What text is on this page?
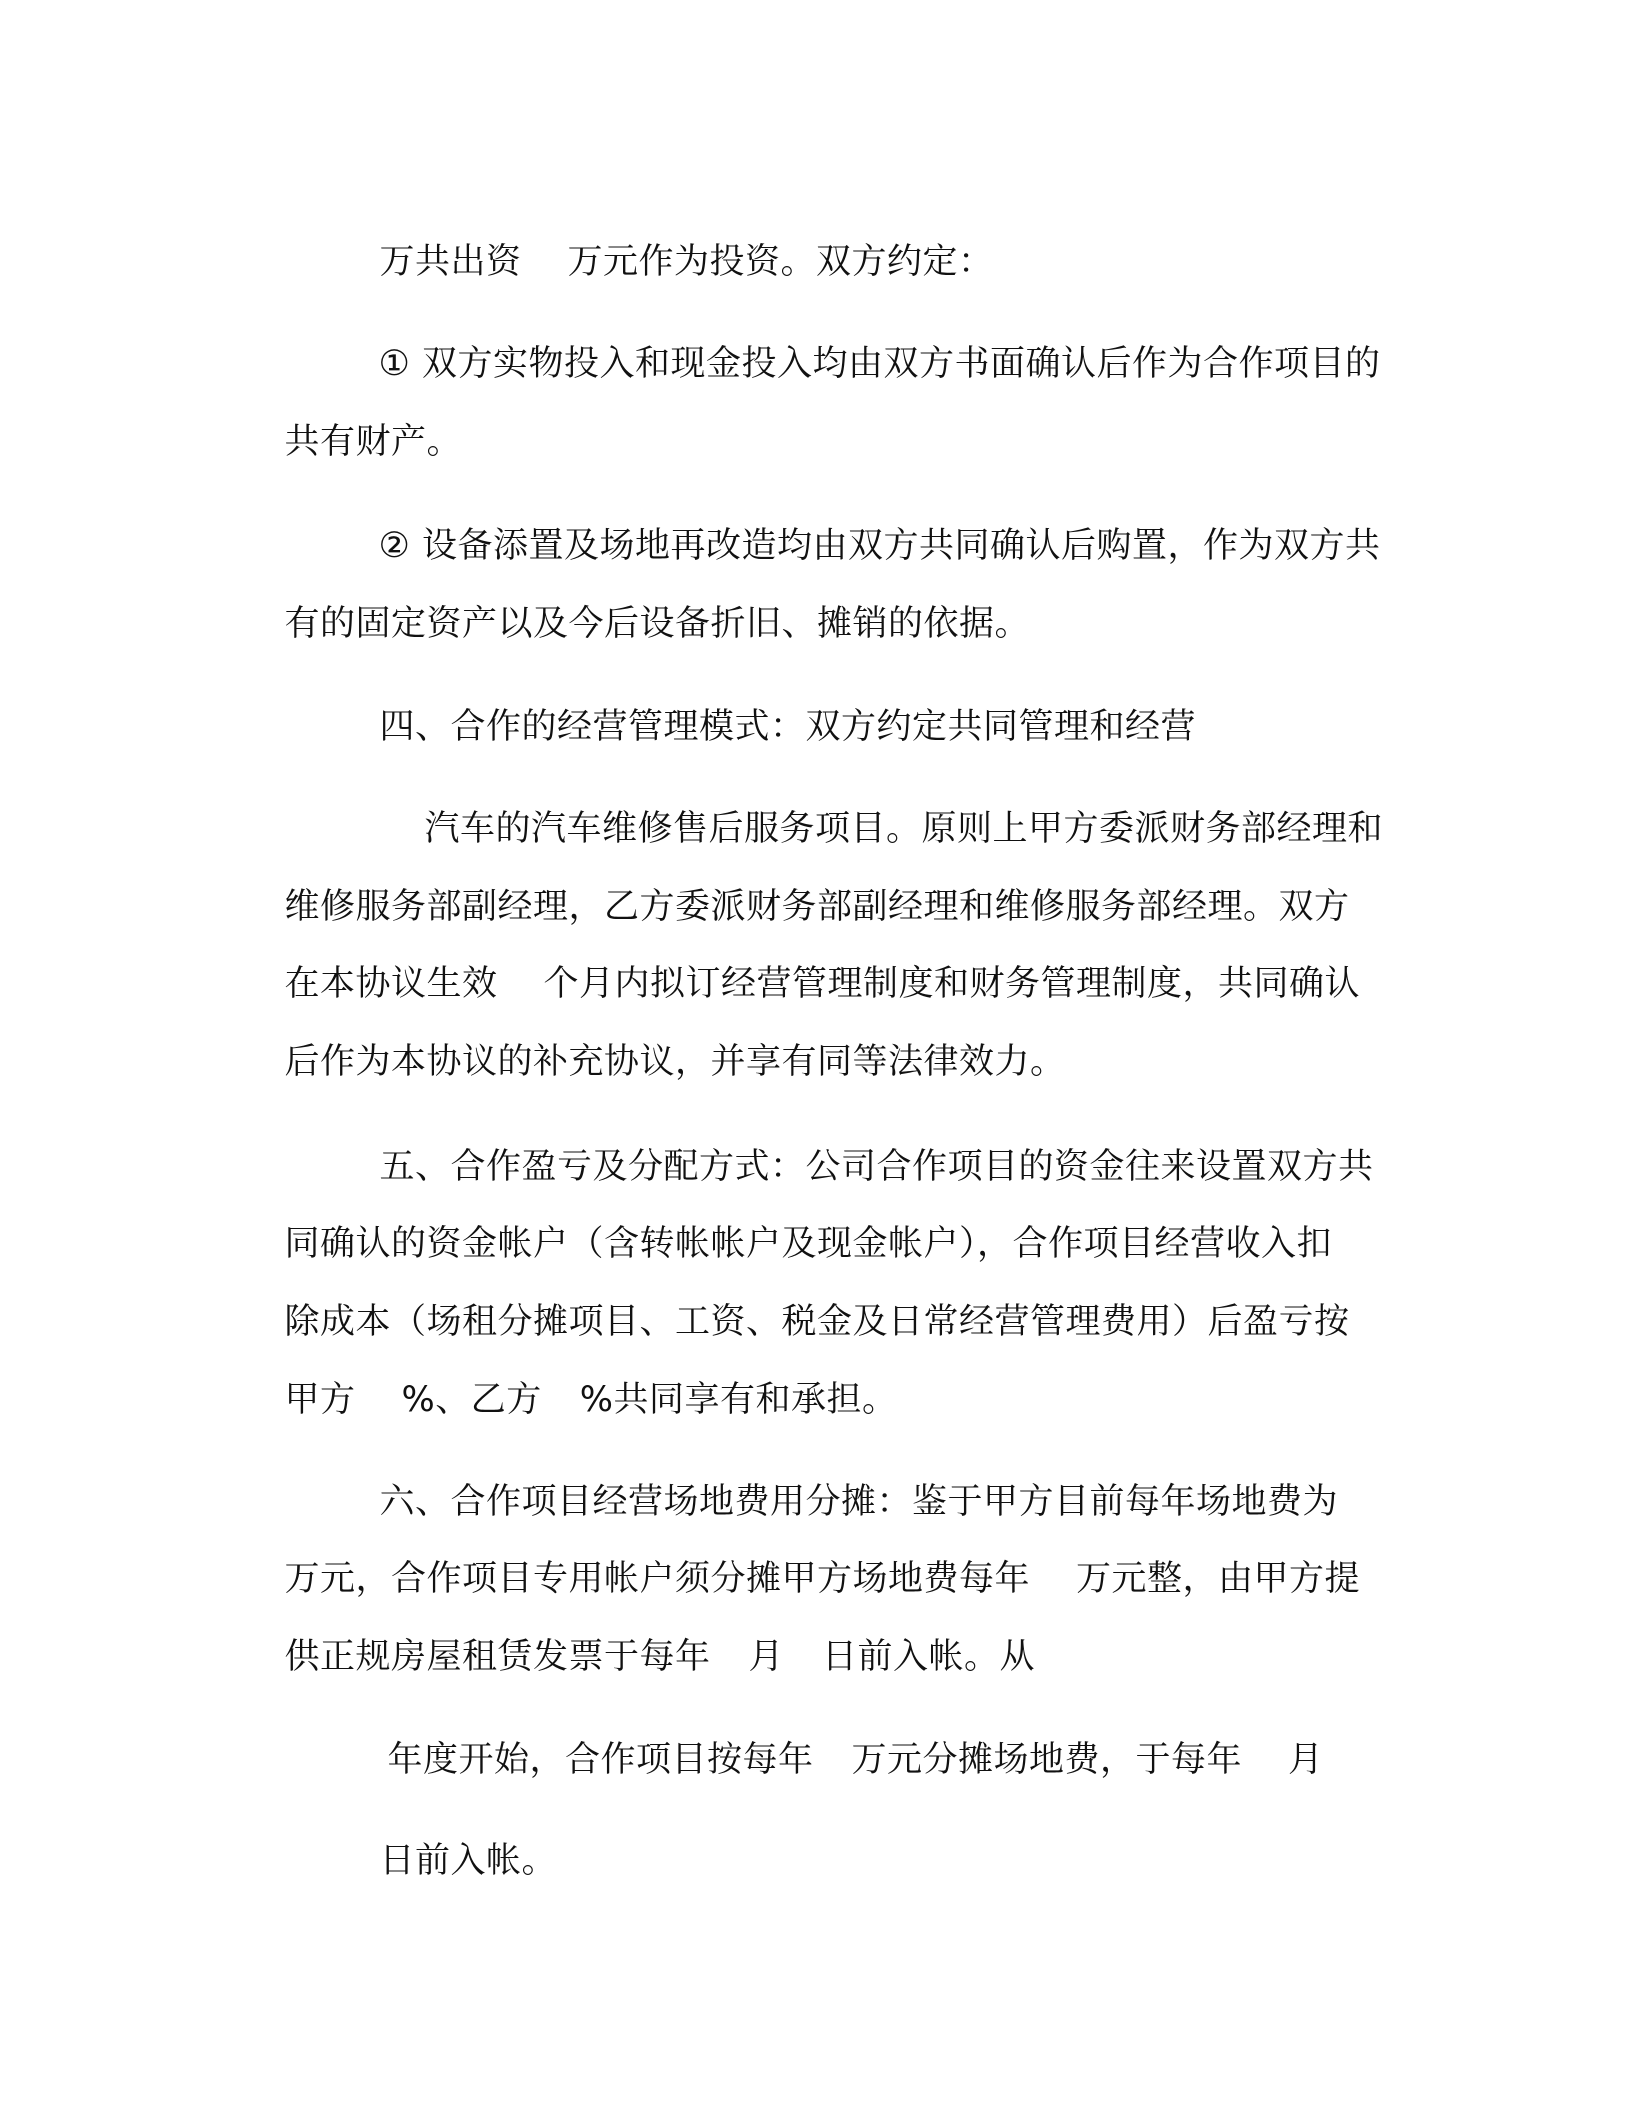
万共出资 万元作为投资。双方约定：

① 双方实物投入和现金投入均由双方书面确认后作为合作项目的

共有财产。

② 设备添置及场地再改造均由双方共同确认后购置，作为双方共

有的固定资产以及今后设备折旧、摊销的依据。

四、合作的经营管理模式：双方约定共同管理和经营

汽车的汽车维修售后服务项目。原则上甲方委派财务部经理和

维修服务部副经理，乙方委派财务部副经理和维修服务部经理。双方

在本协议生效 个月内拟订经营管理制度和财务管理制度，共同确认

后作为本协议的补充协议，并享有同等法律效力。

五、合作盈亏及分配方式：公司合作项目的资金往来设置双方共

同确认的资金帐户（含转帐帐户及现金帐户），合作项目经营收入扣

除成本（场租分摊项目、工资、税金及日常经营管理费用）后盈亏按

甲方 %、乙方 %共同享有和承担。

六、合作项目经营场地费用分摊：鉴于甲方目前每年场地费为

万元，合作项目专用帐户须分摊甲方场地费每年 万元整，由甲方提

供正规房屋租赁发票于每年 月 日前入帐。从

年度开始，合作项目按每年 万元分摊场地费，于每年 月

日前入帐。
